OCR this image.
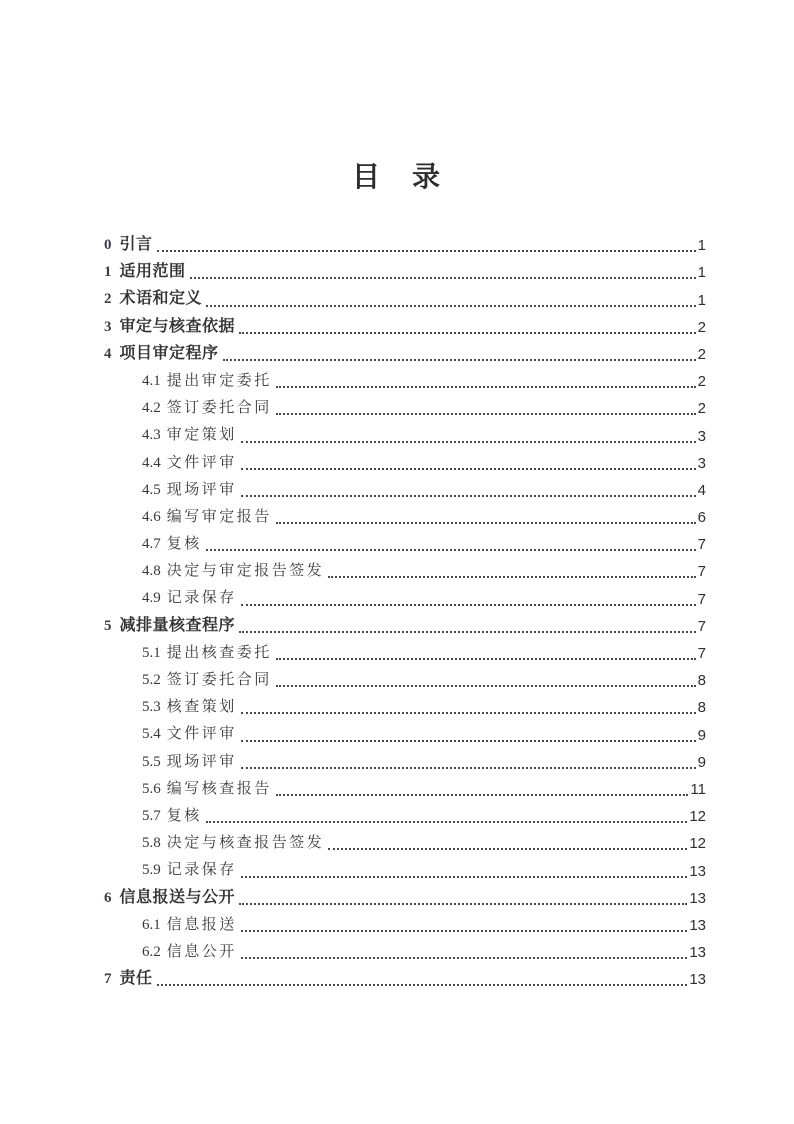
目　录
0 引言	1
1 适用范围	1
2 术语和定义	1
3 审定与核查依据	2
4 项目审定程序	2
4.1 提出审定委托	2
4.2 签订委托合同	2
4.3 审定策划	3
4.4 文件评审	3
4.5 现场评审	4
4.6 编写审定报告	6
4.7 复核	7
4.8 决定与审定报告签发	7
4.9 记录保存	7
5 减排量核查程序	7
5.1 提出核查委托	7
5.2 签订委托合同	8
5.3 核查策划	8
5.4 文件评审	9
5.5 现场评审	9
5.6 编写核查报告	11
5.7 复核	12
5.8 决定与核查报告签发	12
5.9 记录保存	13
6 信息报送与公开	13
6.1 信息报送	13
6.2 信息公开	13
7 责任	13
